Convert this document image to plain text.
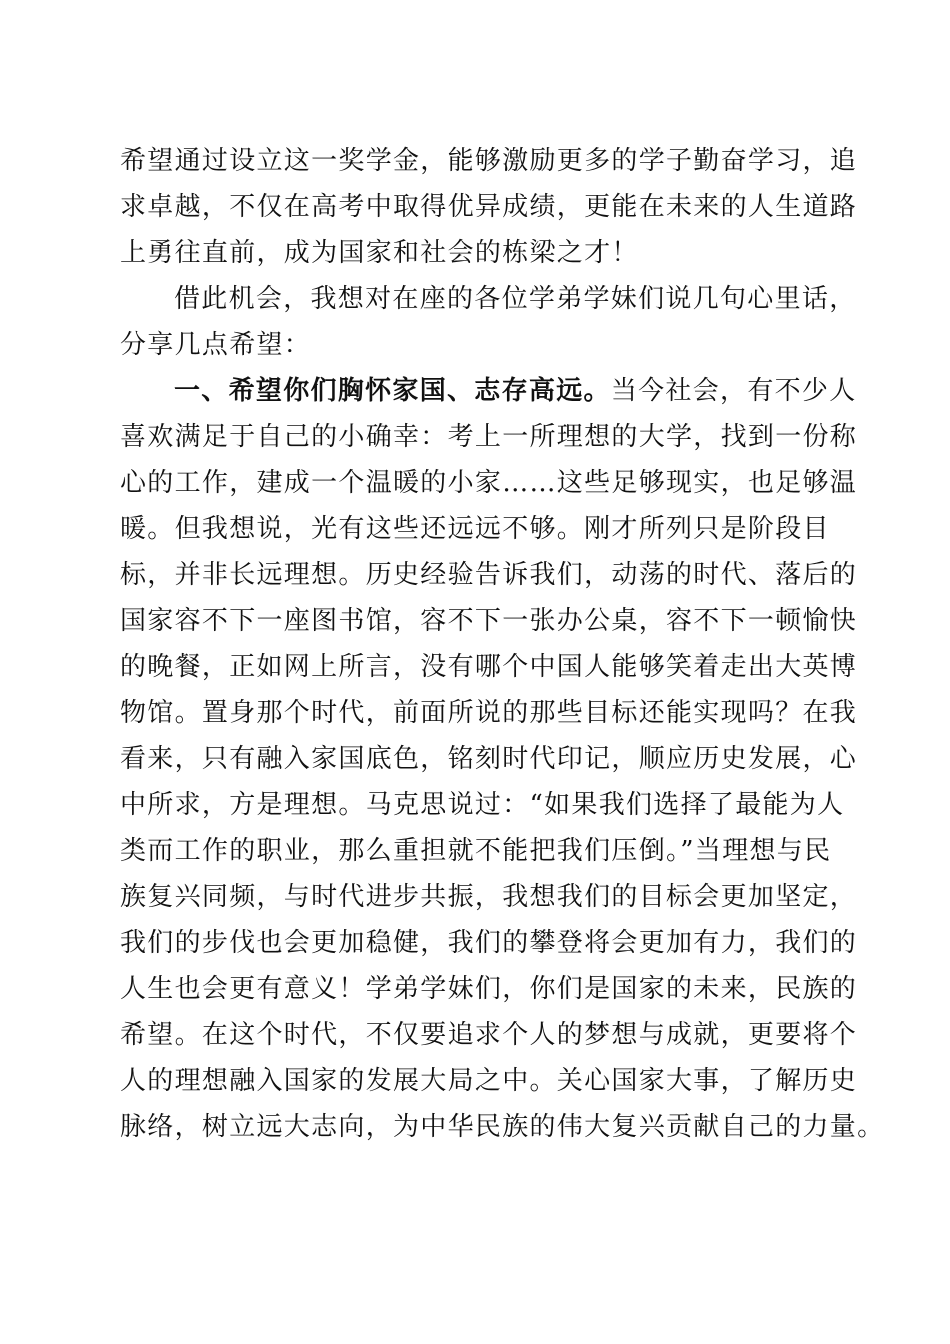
希望通过设立这一奖学金，能够激励更多的学子勤奋学习，追
求卓越，不仅在高考中取得优异成绩，更能在未来的人生道路
上勇往直前，成为国家和社会的栋梁之才！
借此机会，我想对在座的各位学弟学妹们说几句心里话，
分享几点希望：
一、希望你们胸怀家国、志存高远。当今社会，有不少人
喜欢满足于自己的小确幸：考上一所理想的大学，找到一份称
心的工作，建成一个温暖的小家……这些足够现实，也足够温
暖。但我想说，光有这些还远远不够。刚才所列只是阶段目
标，并非长远理想。历史经验告诉我们，动荡的时代、落后的
国家容不下一座图书馆，容不下一张办公桌，容不下一顿愉快
的晚餐，正如网上所言，没有哪个中国人能够笑着走出大英博
物馆。置身那个时代，前面所说的那些目标还能实现吗？在我
看来，只有融入家国底色，铭刻时代印记，顺应历史发展，心
中所求，方是理想。马克思说过：“如果我们选择了最能为人
类而工作的职业，那么重担就不能把我们压倒。”当理想与民
族复兴同频，与时代进步共振，我想我们的目标会更加坚定，
我们的步伐也会更加稳健，我们的攀登将会更加有力，我们的
人生也会更有意义！学弟学妹们，你们是国家的未来，民族的
希望。在这个时代，不仅要追求个人的梦想与成就，更要将个
人的理想融入国家的发展大局之中。关心国家大事，了解历史
脉络，树立远大志向，为中华民族的伟大复兴贡献自己的力量。
